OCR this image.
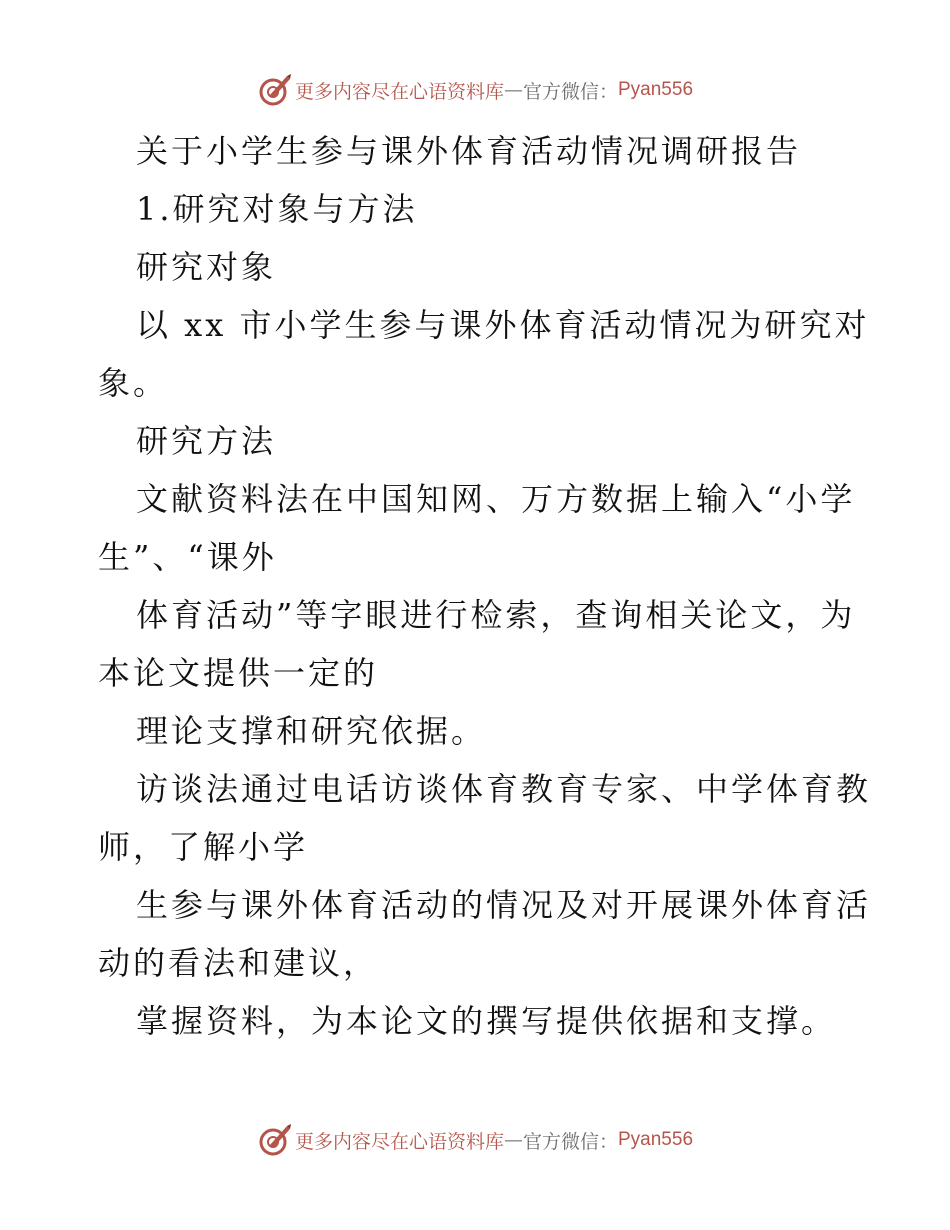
更多内容尽在心语资料库 — 官方微信： Pyan556
关于小学生参与课外体育活动情况调研报告
1.研究对象与方法
研究对象
以 xx 市小学生参与课外体育活动情况为研究对
象。
研究方法
文献资料法在中国知网、万方数据上输入“小学
生”、“课外
体育活动”等字眼进行检索，查询相关论文，为
本论文提供一定的
理论支撑和研究依据。
访谈法通过电话访谈体育教育专家、中学体育教
师，了解小学
生参与课外体育活动的情况及对开展课外体育活
动的看法和建议，
掌握资料，为本论文的撰写提供依据和支撑。
更多内容尽在心语资料库 — 官方微信： Pyan556
